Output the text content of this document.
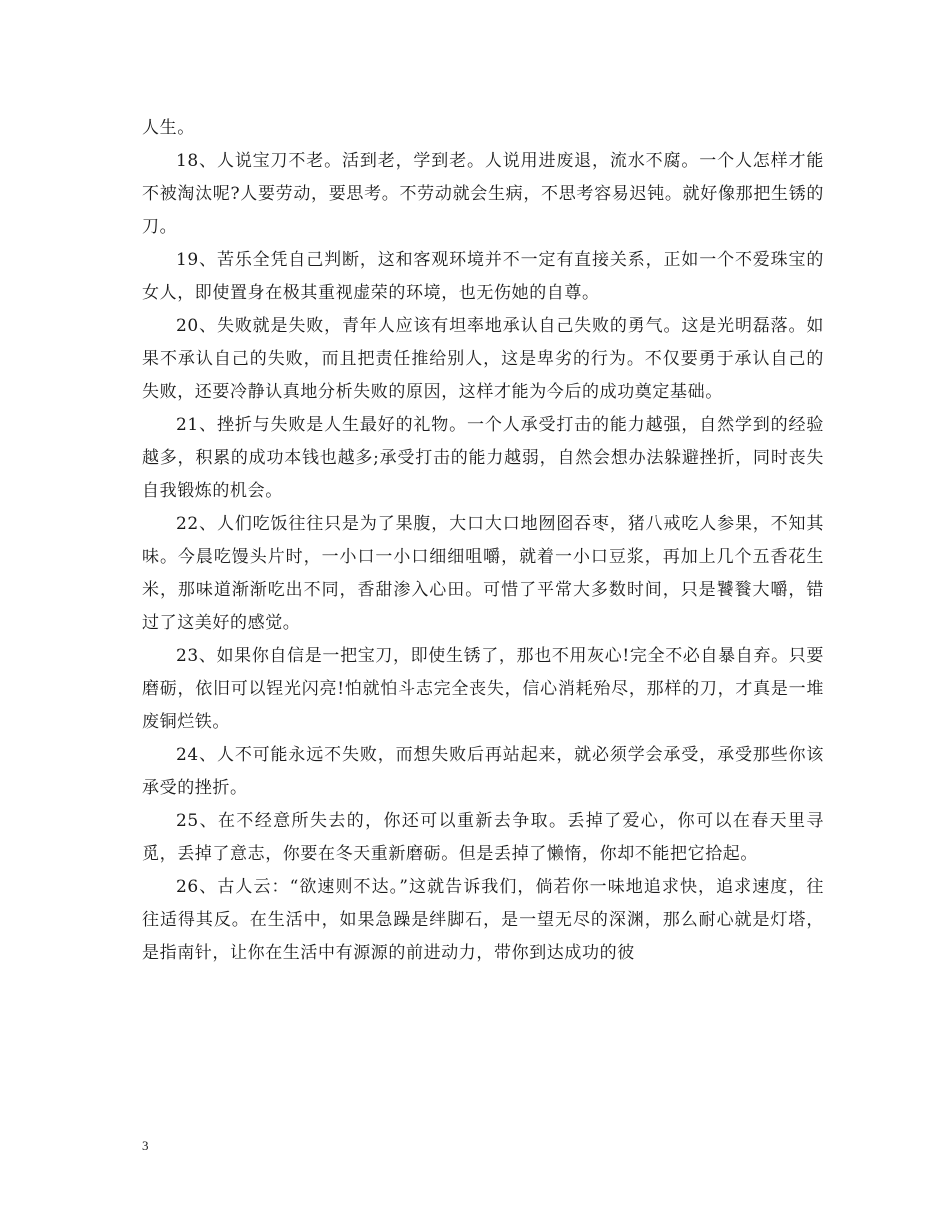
人生。

18、人说宝刀不老。活到老，学到老。人说用进废退，流水不腐。一个人怎样才能不被淘汰呢?人要劳动，要思考。不劳动就会生病，不思考容易迟钝。就好像那把生锈的刀。

19、苦乐全凭自己判断，这和客观环境并不一定有直接关系，正如一个不爱珠宝的女人，即使置身在极其重视虚荣的环境，也无伤她的自尊。

20、失败就是失败，青年人应该有坦率地承认自己失败的勇气。这是光明磊落。如果不承认自己的失败，而且把责任推给别人，这是卑劣的行为。不仅要勇于承认自己的失败，还要冷静认真地分析失败的原因，这样才能为今后的成功奠定基础。

21、挫折与失败是人生最好的礼物。一个人承受打击的能力越强，自然学到的经验越多，积累的成功本钱也越多;承受打击的能力越弱，自然会想办法躲避挫折，同时丧失自我锻炼的机会。

22、人们吃饭往往只是为了果腹，大口大口地囫囵吞枣，猪八戒吃人参果，不知其味。今晨吃馒头片时，一小口一小口细细咀嚼，就着一小口豆浆，再加上几个五香花生米，那味道渐渐吃出不同，香甜渗入心田。可惜了平常大多数时间，只是饕餮大嚼，错过了这美好的感觉。

23、如果你自信是一把宝刀，即使生锈了，那也不用灰心!完全不必自暴自弃。只要磨砺，依旧可以锃光闪亮!怕就怕斗志完全丧失，信心消耗殆尽，那样的刀，才真是一堆废铜烂铁。

24、人不可能永远不失败，而想失败后再站起来，就必须学会承受，承受那些你该承受的挫折。

25、在不经意所失去的，你还可以重新去争取。丢掉了爱心，你可以在春天里寻觅，丢掉了意志，你要在冬天重新磨砺。但是丢掉了懒惰，你却不能把它拾起。

26、古人云：“欲速则不达。”这就告诉我们，倘若你一味地追求快，追求速度，往往适得其反。在生活中，如果急躁是绊脚石，是一望无尽的深渊，那么耐心就是灯塔，是指南针，让你在生活中有源源的前进动力，带你到达成功的彼

3
